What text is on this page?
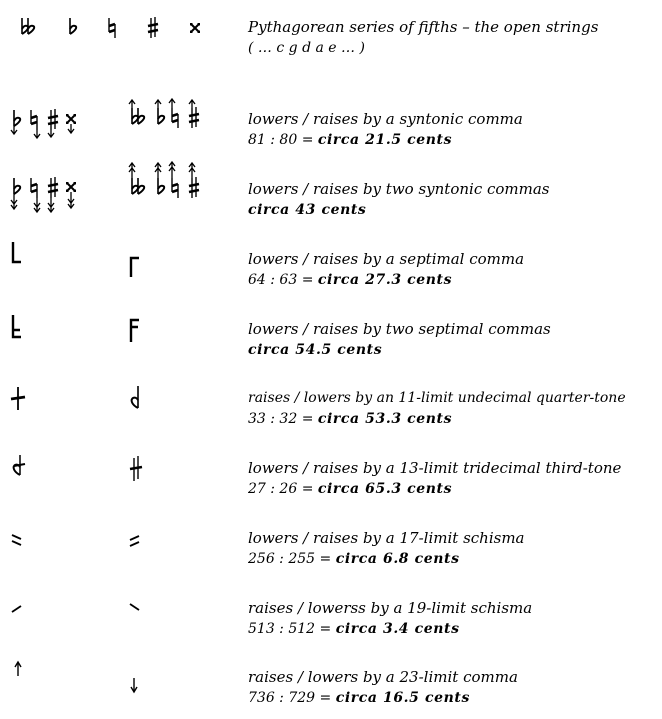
Pythagorean series of fifths – the open strings
( … c g d a e … )
lowers / raises by a syntonic comma
81 : 80 = circa 21.5 cents
lowers / raises by two syntonic commas
circa 43 cents
lowers / raises by a septimal comma
64 : 63 = circa 27.3 cents
lowers / raises by two septimal commas
circa 54.5 cents
raises / lowers by an 11-limit undecimal quarter-tone
33 : 32 = circa 53.3 cents
lowers / raises by a 13-limit tridecimal third-tone
27 : 26 = circa 65.3 cents
lowers / raises by a 17-limit schisma
256 : 255 = circa 6.8 cents
raises / lowerss by a 19-limit schisma
513 : 512 = circa 3.4 cents
raises / lowers by a 23-limit comma
736 : 729 = circa 16.5 cents
